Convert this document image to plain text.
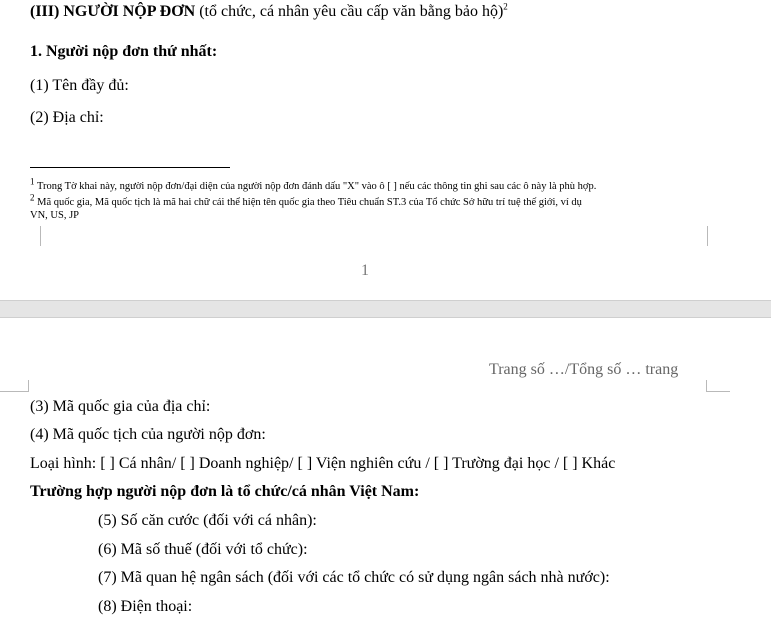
(III) NGƯỜI NỘP ĐƠN (tổ chức, cá nhân yêu cầu cấp văn bằng bảo hộ)$^2$
1. Người nộp đơn thứ nhất:
(1) Tên đầy đủ:
(2) Địa chỉ:
$^1$ Trong Tờ khai này, người nộp đơn/đại diện của người nộp đơn đánh dấu "X" vào ô [ ] nếu các thông tin ghi sau các ô này là phù hợp.
$^2$ Mã quốc gia, Mã quốc tịch là mã hai chữ cái thể hiện tên quốc gia theo Tiêu chuẩn ST.3 của Tổ chức Sở hữu trí tuệ thế giới, ví dụ
VN, US, JP
1
Trang số …/Tổng số … trang
(3) Mã quốc gia của địa chỉ:
(4) Mã quốc tịch của người nộp đơn:
Loại hình: [ ] Cá nhân/ [ ] Doanh nghiệp/ [ ] Viện nghiên cứu / [ ] Trường đại học / [ ] Khác
Trường hợp người nộp đơn là tổ chức/cá nhân Việt Nam:
(5) Số căn cước (đối với cá nhân):
(6) Mã số thuế (đối với tổ chức):
(7) Mã quan hệ ngân sách (đối với các tổ chức có sử dụng ngân sách nhà nước):
(8) Điện thoại:
